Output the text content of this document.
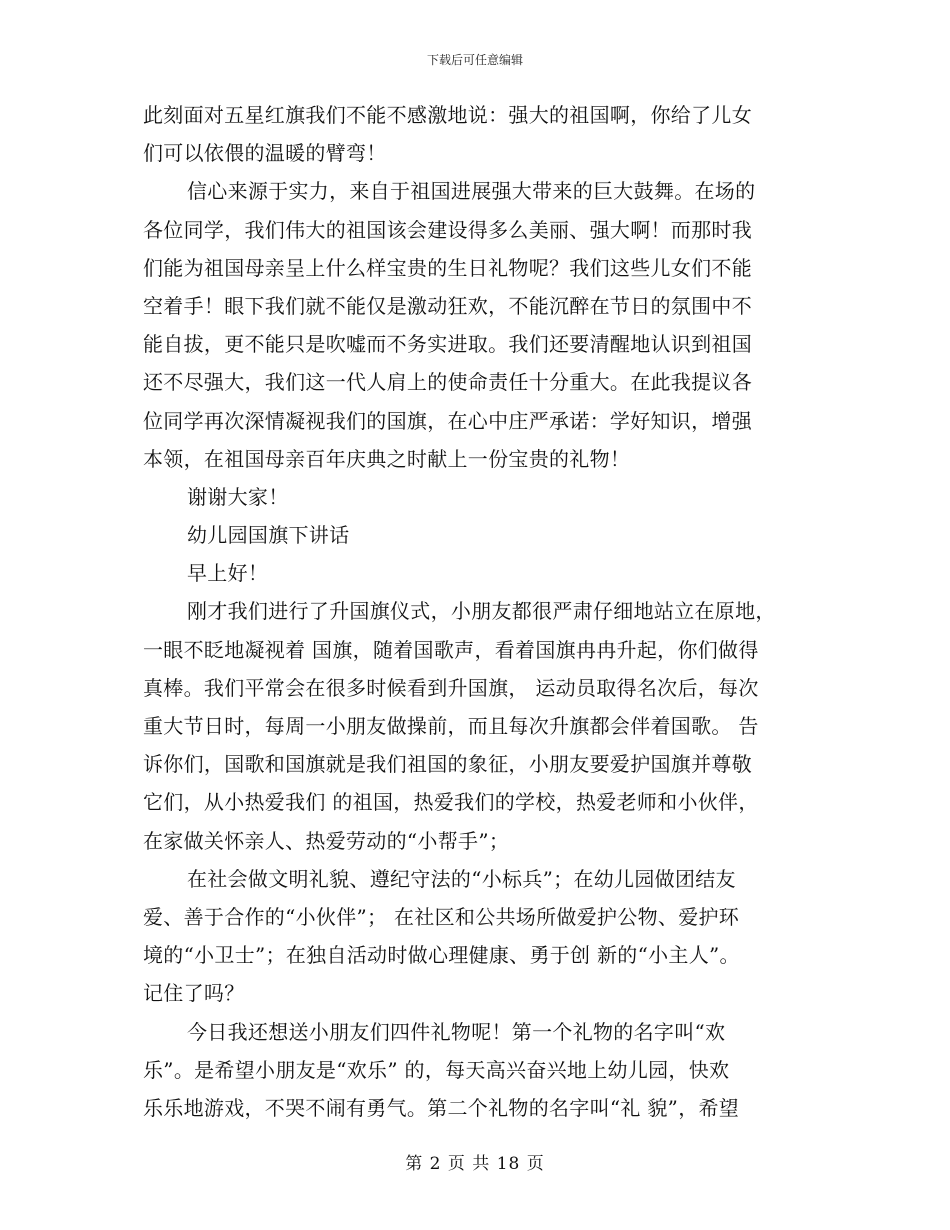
下载后可任意编辑
此刻面对五星红旗我们不能不感激地说：强大的祖国啊，你给了儿女
们可以依偎的温暖的臂弯！
信心来源于实力，来自于祖国进展强大带来的巨大鼓舞。在场的
各位同学，我们伟大的祖国该会建设得多么美丽、强大啊！而那时我
们能为祖国母亲呈上什么样宝贵的生日礼物呢？我们这些儿女们不能
空着手！眼下我们就不能仅是激动狂欢，不能沉醉在节日的氛围中不
能自拔，更不能只是吹嘘而不务实进取。我们还要清醒地认识到祖国
还不尽强大，我们这一代人肩上的使命责任十分重大。在此我提议各
位同学再次深情凝视我们的国旗，在心中庄严承诺：学好知识，增强
本领，在祖国母亲百年庆典之时献上一份宝贵的礼物！
谢谢大家！
幼儿园国旗下讲话
早上好！
刚才我们进行了升国旗仪式，小朋友都很严肃仔细地站立在原地，
一眼不眨地凝视着 国旗，随着国歌声，看着国旗冉冉升起，你们做得
真棒。我们平常会在很多时候看到升国旗， 运动员取得名次后，每次
重大节日时，每周一小朋友做操前，而且每次升旗都会伴着国歌。 告
诉你们，国歌和国旗就是我们祖国的象征，小朋友要爱护国旗并尊敬
它们，从小热爱我们 的祖国，热爱我们的学校，热爱老师和小伙伴，
在家做关怀亲人、热爱劳动的“小帮手”；
在社会做文明礼貌、遵纪守法的“小标兵”；在幼儿园做团结友
爱、善于合作的“小伙伴”； 在社区和公共场所做爱护公物、爱护环
境的“小卫士”；在独自活动时做心理健康、勇于创 新的“小主人”。
记住了吗？
今日我还想送小朋友们四件礼物呢！第一个礼物的名字叫“欢
乐”。是希望小朋友是“欢乐” 的，每天高兴奋兴地上幼儿园，快欢
乐乐地游戏，不哭不闹有勇气。第二个礼物的名字叫“礼 貌”，希望
第 2 页 共 18 页
